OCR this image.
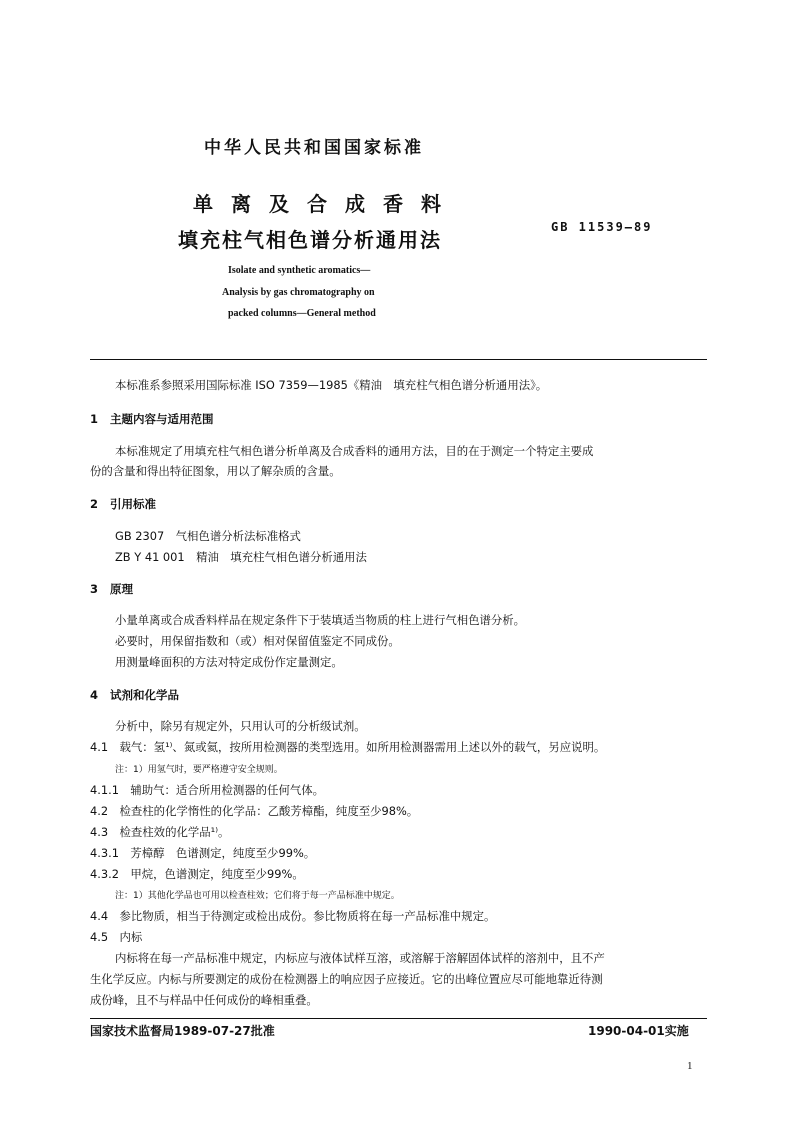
中华人民共和国国家标准
单离及合成香料
填充柱气相色谱分析通用法
GB 11539—89
Isolate and synthetic aromatics—
Analysis by gas chromatography on
packed columns—General method
本标准系参照采用国际标准 ISO 7359—1985《精油　填充柱气相色谱分析通用法》。
1 主题内容与适用范围
本标准规定了用填充柱气相色谱分析单离及合成香料的通用方法，目的在于测定一个特定主要成
份的含量和得出特征图象，用以了解杂质的含量。
2 引用标准
GB 2307　气相色谱分析法标准格式
ZB Y 41 001　精油　填充柱气相色谱分析通用法
3 原理
小量单离或合成香料样品在规定条件下于装填适当物质的柱上进行气相色谱分析。
必要时，用保留指数和（或）相对保留值鉴定不同成份。
用测量峰面积的方法对特定成份作定量测定。
4 试剂和化学品
分析中，除另有规定外，只用认可的分析级试剂。
4.1　载气：氢¹⁾、氮或氦，按所用检测器的类型选用。如所用检测器需用上述以外的载气，另应说明。
注：1）用氢气时，要严格遵守安全规则。
4.1.1　辅助气：适合所用检测器的任何气体。
4.2　检查柱的化学惰性的化学品：乙酸芳樟酯，纯度至少98%。
4.3　检查柱效的化学品¹⁾。
4.3.1　芳樟醇　色谱测定，纯度至少99%。
4.3.2　甲烷，色谱测定，纯度至少99%。
注：1）其他化学品也可用以检查柱效；它们将于每一产品标准中规定。
4.4　参比物质，相当于待测定或检出成份。参比物质将在每一产品标准中规定。
4.5　内标
内标将在每一产品标准中规定，内标应与液体试样互溶，或溶解于溶解固体试样的溶剂中，且不产
生化学反应。内标与所要测定的成份在检测器上的响应因子应接近。它的出峰位置应尽可能地靠近待测
成份峰，且不与样品中任何成份的峰相重叠。
国家技术监督局1989-07-27批准	1990-04-01实施
1
